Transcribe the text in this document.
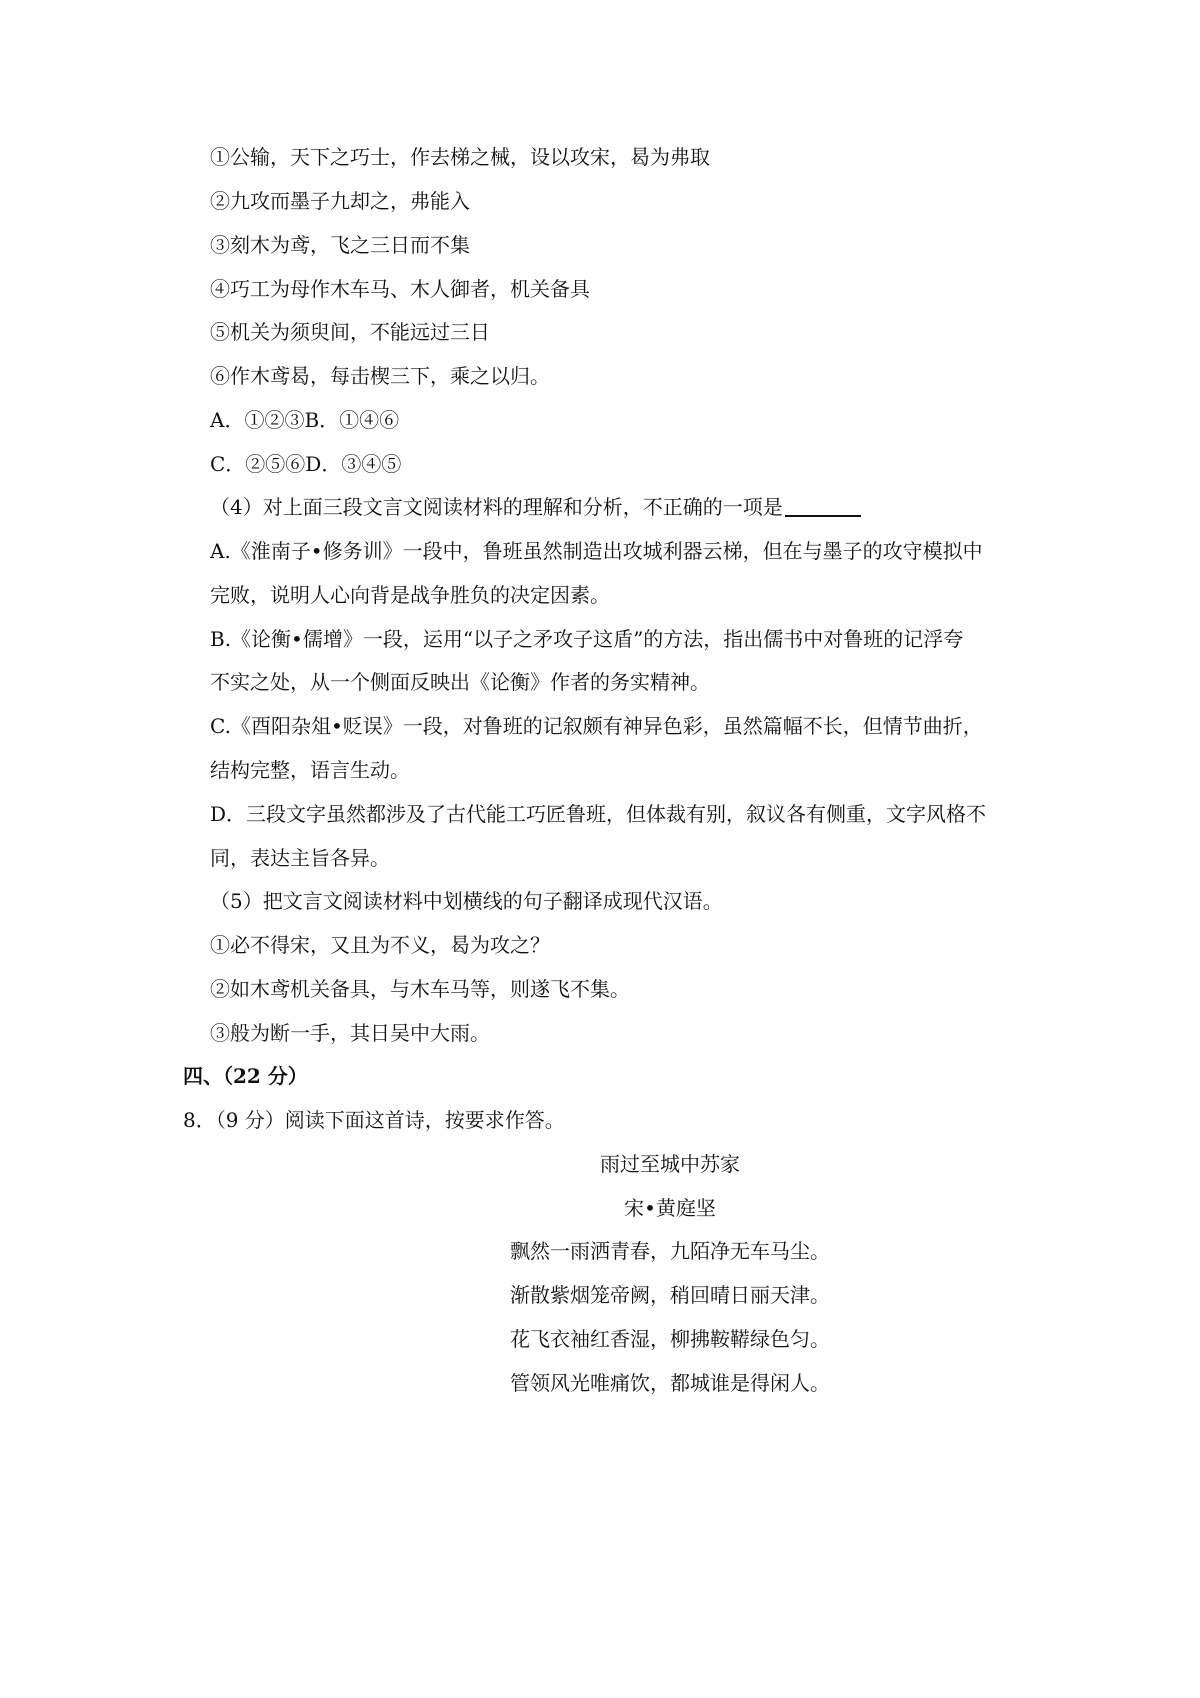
①公输，天下之巧士，作去梯之械，设以攻宋，曷为弗取
②九攻而墨子九却之，弗能入
③刻木为鸢，飞之三日而不集
④巧工为母作木车马、木人御者，机关备具
⑤机关为须臾间，不能远过三日
⑥作木鸢曷，每击楔三下，乘之以归。
A．①②③B．①④⑥
C．②⑤⑥D．③④⑤
（4）对上面三段文言文阅读材料的理解和分析，不正确的一项是
A.《淮南子•修务训》一段中，鲁班虽然制造出攻城利器云梯，但在与墨子的攻守模拟中
完败，说明人心向背是战争胜负的决定因素。
B.《论衡•儒增》一段，运用“以子之矛攻子这盾”的方法，指出儒书中对鲁班的记浮夸
不实之处，从一个侧面反映出《论衡》作者的务实精神。
C.《酉阳杂俎•贬误》一段，对鲁班的记叙颇有神异色彩，虽然篇幅不长，但情节曲折，
结构完整，语言生动。
D．三段文字虽然都涉及了古代能工巧匠鲁班，但体裁有别，叙议各有侧重，文字风格不
同，表达主旨各异。
（5）把文言文阅读材料中划横线的句子翻译成现代汉语。
①必不得宋，又且为不义，曷为攻之？
②如木鸢机关备具，与木车马等，则遂飞不集。
③般为断一手，其日吴中大雨。
四、（22 分）
8．（9 分）阅读下面这首诗，按要求作答。
雨过至城中苏家
宋•黄庭坚
飘然一雨洒青春，九陌净无车马尘。
渐散紫烟笼帝阙，稍回晴日丽天津。
花飞衣袖红香湿，柳拂鞍鞯绿色匀。
管领风光唯痛饮，都城谁是得闲人。
